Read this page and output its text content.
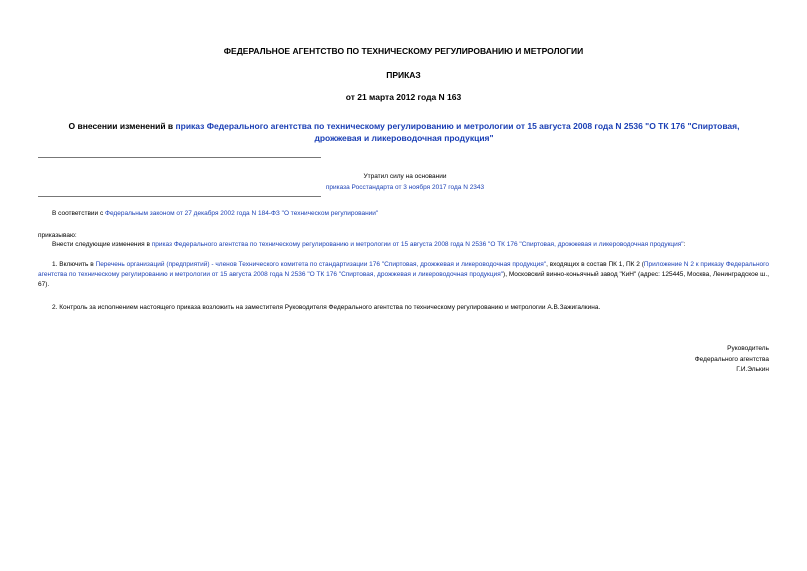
ФЕДЕРАЛЬНОЕ АГЕНТСТВО ПО ТЕХНИЧЕСКОМУ РЕГУЛИРОВАНИЮ И МЕТРОЛОГИИ
ПРИКАЗ
от 21 марта 2012 года N 163
О внесении изменений в приказ Федерального агентства по техническому регулированию и метрологии от 15 августа 2008 года N 2536 "О ТК 176 "Спиртовая, дрожжевая и ликероводочная продукция"
Утратил силу на основании
приказа Росстандарта от 3 ноября 2017 года N 2343
В соответствии с Федеральным законом от 27 декабря 2002 года N 184-ФЗ "О техническом регулировании"
приказываю:
Внести следующие изменения в приказ Федерального агентства по техническому регулированию и метрологии от 15 августа 2008 года N 2536 "О ТК 176 "Спиртовая, дрожжевая и ликероводочная продукция":
1. Включить в Перечень организаций (предприятий) - членов Технического комитета по стандартизации 176 "Спиртовая, дрожжевая и ликероводочная продукция", входящих в состав ПК 1, ПК 2 (Приложение N 2 к приказу Федерального агентства по техническому регулированию и метрологии от 15 августа 2008 года N 2536 "О ТК 176 "Спиртовая, дрожжевая и ликероводочная продукция"), Московский винно-коньячный завод "КиН" (адрес: 125445, Москва, Ленинградское ш., 67).
2. Контроль за исполнением настоящего приказа возложить на заместителя Руководителя Федерального агентства по техническому регулированию и метрологии А.В.Зажигалкина.
Руководитель
Федерального агентства
Г.И.Элькин
